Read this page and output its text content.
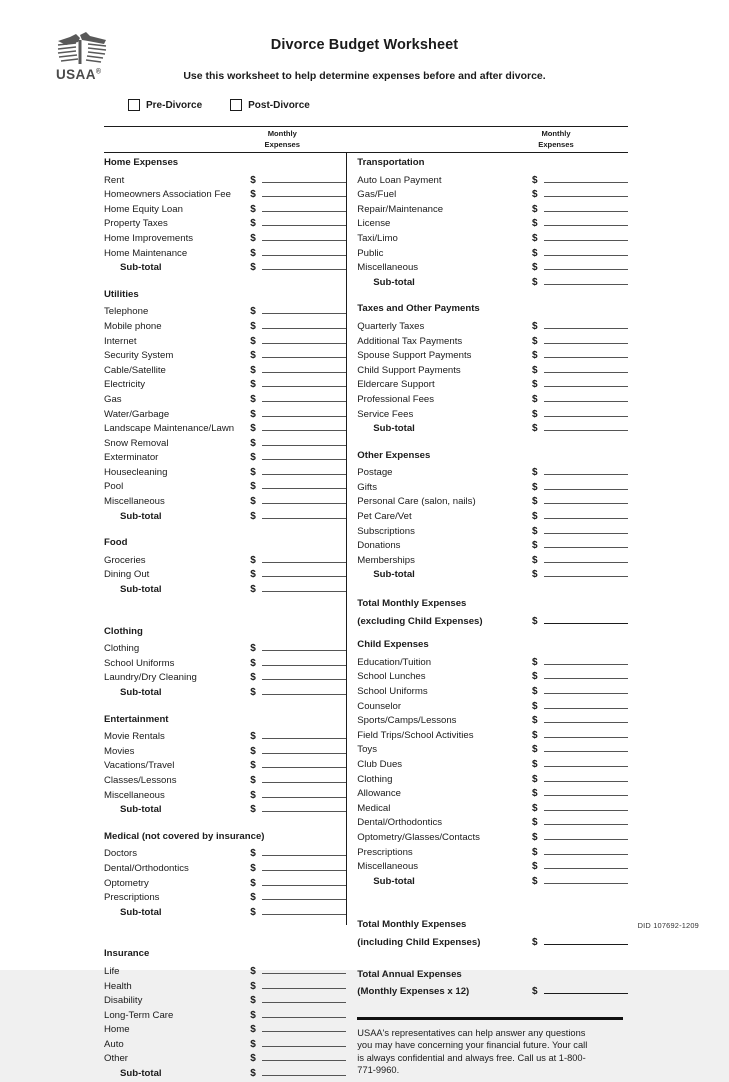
USAA®
Divorce Budget Worksheet
Use this worksheet to help determine expenses before and after divorce.
Pre-Divorce	Post-Divorce
Monthly
Expenses
Monthly
Expenses
Home Expenses
Rent	$
Homeowners Association Fee $
Home Equity Loan	$
Property Taxes	$
Home Improvements	$
Home Maintenance	$
Sub-total	$
Utilities
Telephone	$
Mobile phone	$
Internet	$
Security System	$
Cable/Satellite	$
Electricity	$
Gas	$
Water/Garbage	$
Landscape Maintenance/Lawn $
Snow Removal	$
Exterminator	$
Housecleaning	$
Pool	$
Miscellaneous	$
Sub-total	$
Food
Groceries	$
Dining Out	$
Sub-total	$
Clothing
Clothing	$
School Uniforms	$
Laundry/Dry Cleaning	$
Sub-total	$
Entertainment
Movie Rentals	$
Movies	$
Vacations/Travel	$
Classes/Lessons	$
Miscellaneous	$
Sub-total	$
Medical (not covered by insurance)
Doctors	$
Dental/Orthodontics	$
Optometry	$
Prescriptions	$
Sub-total	$
Insurance
Life	$
Health	$
Disability	$
Long-Term Care	$
Home	$
Auto	$
Other	$
Sub-total	$
Transportation
Auto Loan Payment	$
Gas/Fuel	$
Repair/Maintenance	$
License	$
Taxi/Limo	$
Public	$
Miscellaneous	$
Sub-total	$
Taxes and Other Payments
Quarterly Taxes	$
Additional Tax Payments	$
Spouse Support Payments	$
Child Support Payments	$
Eldercare Support	$
Professional Fees	$
Service Fees	$
Sub-total	$
Other Expenses
Postage	$
Gifts	$
Personal Care (salon, nails)	$
Pet Care/Vet	$
Subscriptions	$
Donations	$
Memberships	$
Sub-total	$
Total Monthly Expenses
(excluding Child Expenses)	$
Child Expenses
Education/Tuition	$
School Lunches	$
School Uniforms	$
Counselor	$
Sports/Camps/Lessons	$
Field Trips/School Activities	$
Toys	$
Club Dues	$
Clothing	$
Allowance	$
Medical	$
Dental/Orthodontics	$
Optometry/Glasses/Contacts	$
Prescriptions	$
Miscellaneous	$
Sub-total	$
Total Monthly Expenses
(including Child Expenses)	$
Total Annual Expenses
(Monthly Expenses x 12)	$
USAA's representatives can help answer any questions you may have concerning your financial future. Your call is always confidential and always free. Call us at 1-800-771-9960.
DID 107692-1209
